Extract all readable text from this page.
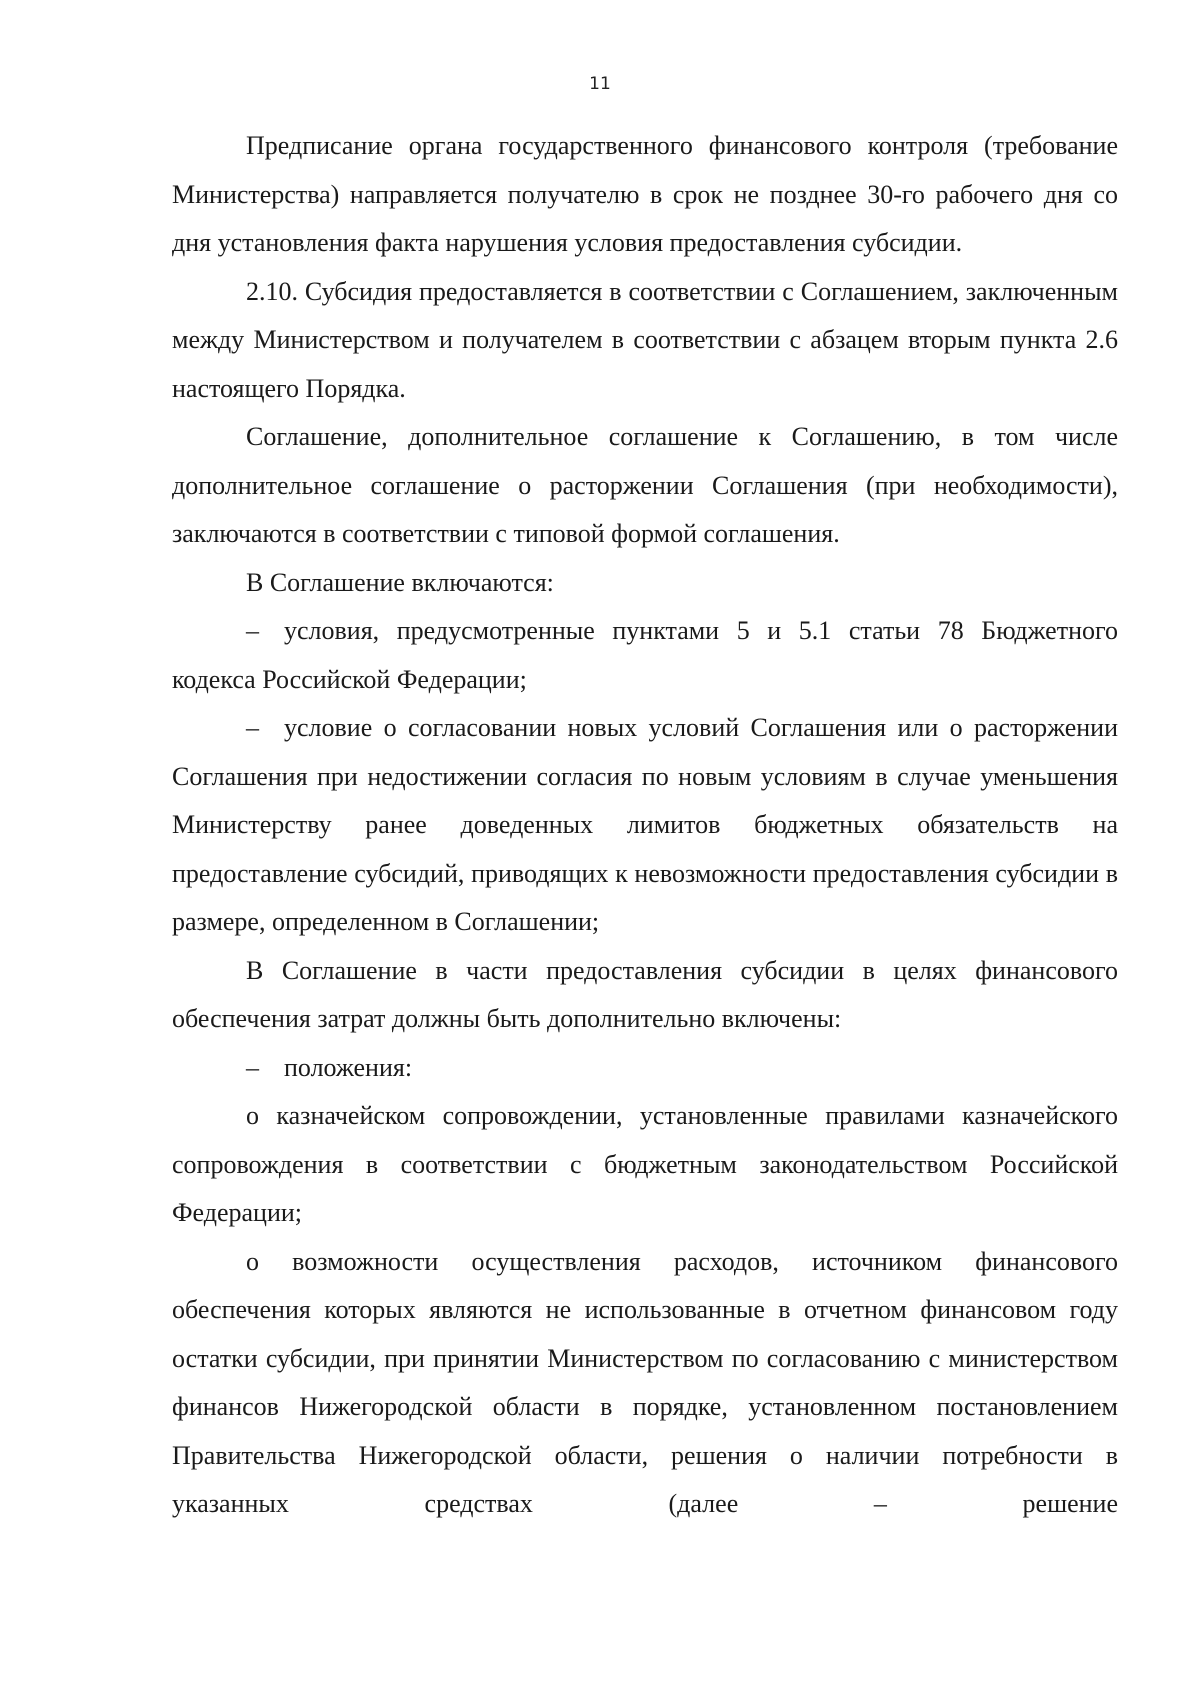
11

Предписание органа государственного финансового контроля (требование Министерства) направляется получателю в срок не позднее 30-го рабочего дня со дня установления факта нарушения условия предоставления субсидии.

2.10. Субсидия предоставляется в соответствии с Соглашением, заключенным между Министерством и получателем в соответствии с абзацем вторым пункта 2.6 настоящего Порядка.

Соглашение, дополнительное соглашение к Соглашению, в том числе дополнительное соглашение о расторжении Соглашения (при необходимости), заключаются в соответствии с типовой формой соглашения.

В Соглашение включаются:

– условия, предусмотренные пунктами 5 и 5.1 статьи 78 Бюджетного кодекса Российской Федерации;

– условие о согласовании новых условий Соглашения или о расторжении Соглашения при недостижении согласия по новым условиям в случае уменьшения Министерству ранее доведенных лимитов бюджетных обязательств на предоставление субсидий, приводящих к невозможности предоставления субсидии в размере, определенном в Соглашении;

В Соглашение в части предоставления субсидии в целях финансового обеспечения затрат должны быть дополнительно включены:

– положения:

о казначейском сопровождении, установленные правилами казначейского сопровождения в соответствии с бюджетным законодательством Российской Федерации;

о возможности осуществления расходов, источником финансового обеспечения которых являются не использованные в отчетном финансовом году остатки субсидии, при принятии Министерством по согласованию с министерством финансов Нижегородской области в порядке, установленном постановлением Правительства Нижегородской области, решения о наличии потребности в указанных средствах (далее – решение
